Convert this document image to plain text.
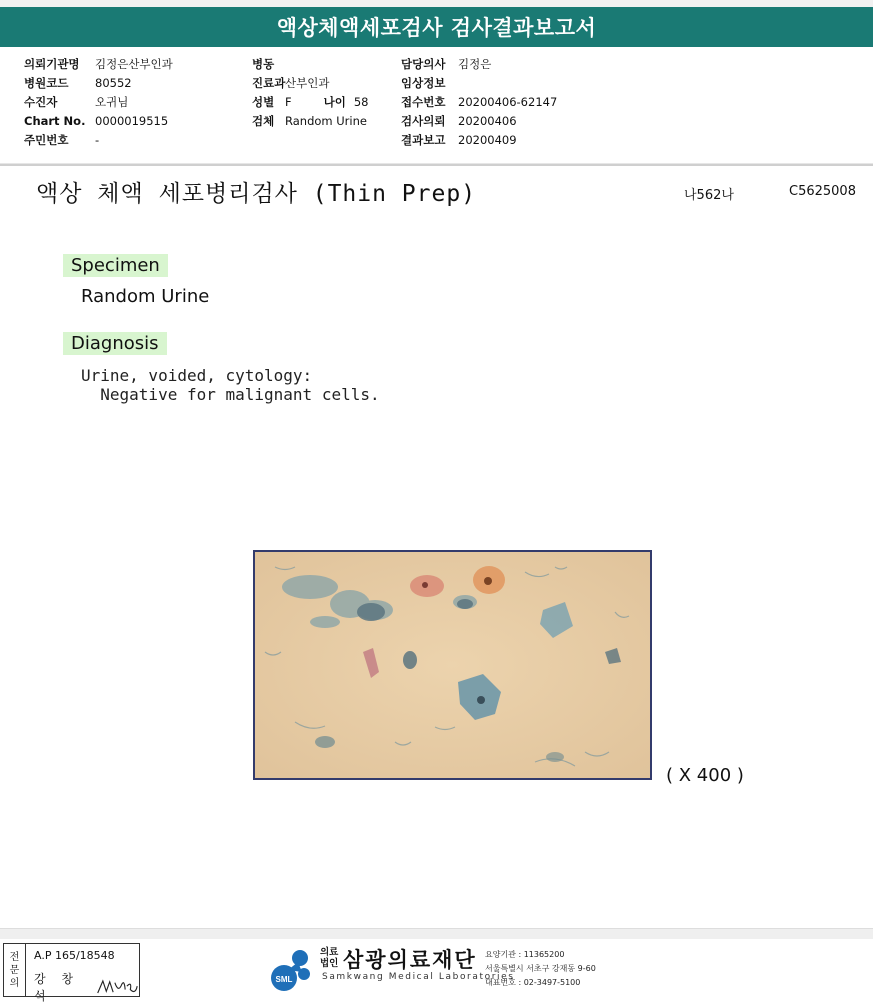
액상체액세포검사 검사결과보고서
의뢰기관명	김정은산부인과
병원코드	80552
수진자	오귀님
Chart No. 0000019515
주민번호	-
병동
진료과 산부인과
성별 F	나이 58
검체 Random Urine
담당의사	김정은
임상정보
접수번호	20200406-62147
검사의뢰	20200406
결과보고	20200409
액상 체액 세포병리검사 (Thin Prep)	나562나	C5625008
Specimen
Random Urine
Diagnosis
Urine, voided, cytology:
Negative for malignant cells.
( X 400 )
전
문
의
A.P 165/18548
강 창 석
SML
의료
법인 삼광의료재단
Samkwang Medical Laboratories
요양기관 : 11365200
서울특별시 서초구 강재동 9-60
대표번호 : 02-3497-5100
